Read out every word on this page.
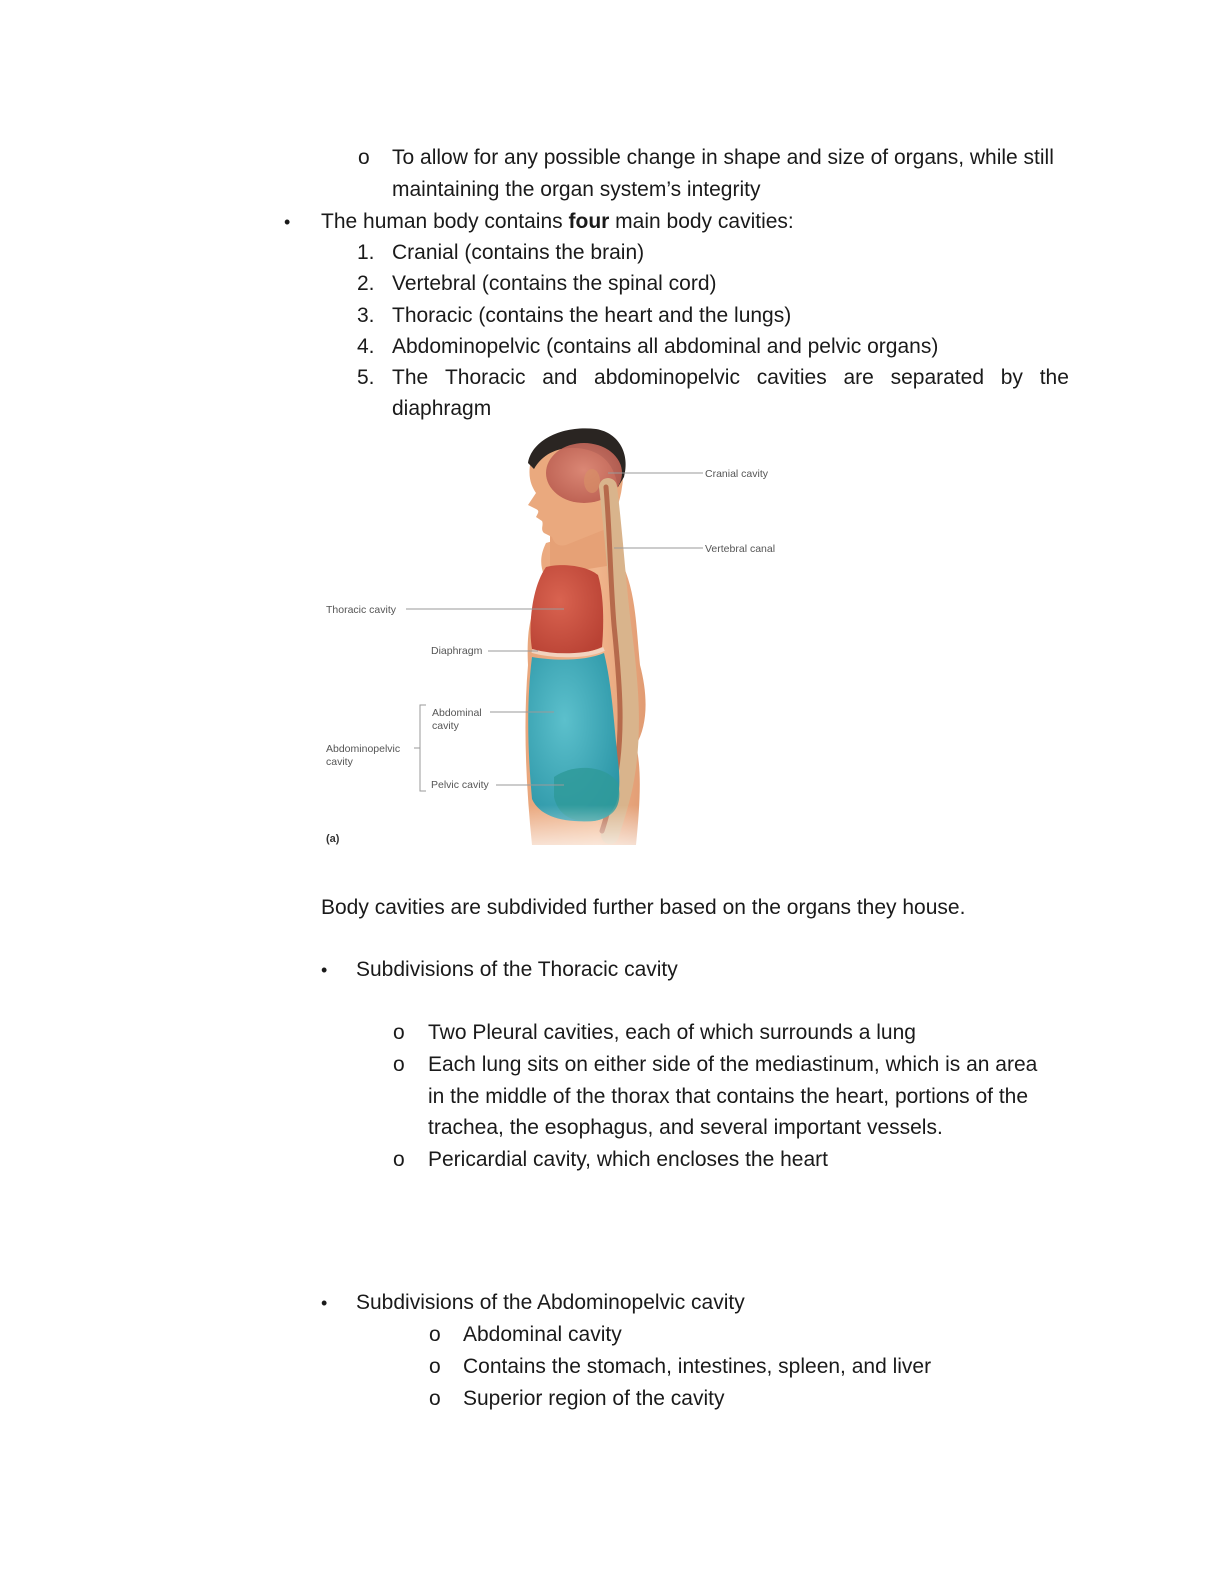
o To allow for any possible change in shape and size of organs, while still
maintaining the organ system’s integrity
• The human body contains four main body cavities:
1. Cranial (contains the brain)
2. Vertebral (contains the spinal cord)
3. Thoracic (contains the heart and the lungs)
4. Abdominopelvic (contains all abdominal and pelvic organs)
5. The Thoracic and abdominopelvic cavities are separated by the
diaphragm
Cranial cavity
Vertebral canal
Thoracic cavity
Diaphragm
Abdominal
cavity
Abdominopelvic
cavity
Pelvic cavity
(a)
Body cavities are subdivided further based on the organs they house.
• Subdivisions of the Thoracic cavity
o Two Pleural cavities, each of which surrounds a lung
o Each lung sits on either side of the mediastinum, which is an area
in the middle of the thorax that contains the heart, portions of the
trachea, the esophagus, and several important vessels.
o Pericardial cavity, which encloses the heart
• Subdivisions of the Abdominopelvic cavity
o Abdominal cavity
o Contains the stomach, intestines, spleen, and liver
o Superior region of the cavity
